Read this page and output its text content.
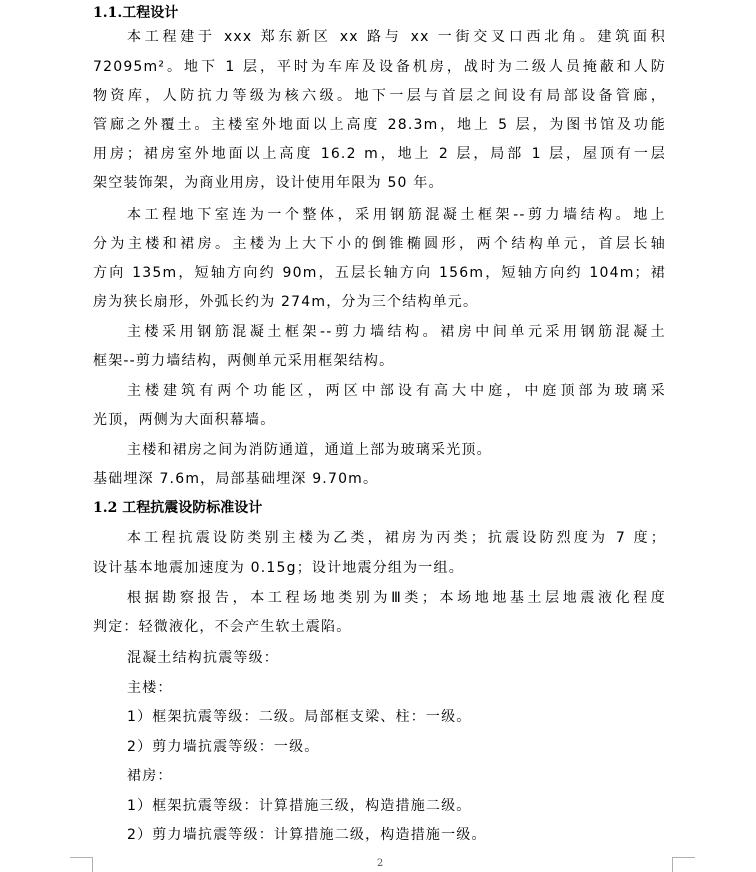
1.1.工程设计
本工程建于 xxx 郑东新区 xx 路与 xx 一街交叉口西北角。建筑面积
72095m²。地下 1 层，平时为车库及设备机房，战时为二级人员掩蔽和人防
物资库，人防抗力等级为核六级。地下一层与首层之间设有局部设备管廊，
管廊之外覆土。主楼室外地面以上高度 28.3m，地上 5 层，为图书馆及功能
用房；裙房室外地面以上高度 16.2 m，地上 2 层，局部 1 层，屋顶有一层
架空装饰架，为商业用房，设计使用年限为 50 年。
本工程地下室连为一个整体，采用钢筋混凝土框架--剪力墙结构。地上
分为主楼和裙房。主楼为上大下小的倒锥椭圆形，两个结构单元，首层长轴
方向 135m，短轴方向约 90m，五层长轴方向 156m，短轴方向约 104m；裙
房为狭长扇形，外弧长约为 274m，分为三个结构单元。
主楼采用钢筋混凝土框架--剪力墙结构。裙房中间单元采用钢筋混凝土
框架--剪力墙结构，两侧单元采用框架结构。
主楼建筑有两个功能区，两区中部设有高大中庭，中庭顶部为玻璃采
光顶，两侧为大面积幕墙。
主楼和裙房之间为消防通道，通道上部为玻璃采光顶。
基础埋深 7.6m，局部基础埋深 9.70m。
1.2 工程抗震设防标准设计
本工程抗震设防类别主楼为乙类，裙房为丙类；抗震设防烈度为 7 度；
设计基本地震加速度为 0.15g；设计地震分组为一组。
根据勘察报告，本工程场地类别为Ⅲ类；本场地地基土层地震液化程度
判定：轻微液化，不会产生软土震陷。
混凝土结构抗震等级：
主楼：
1）框架抗震等级：二级。局部框支梁、柱：一级。
2）剪力墙抗震等级：一级。
裙房：
1）框架抗震等级：计算措施三级，构造措施二级。
2）剪力墙抗震等级：计算措施二级，构造措施一级。
2
